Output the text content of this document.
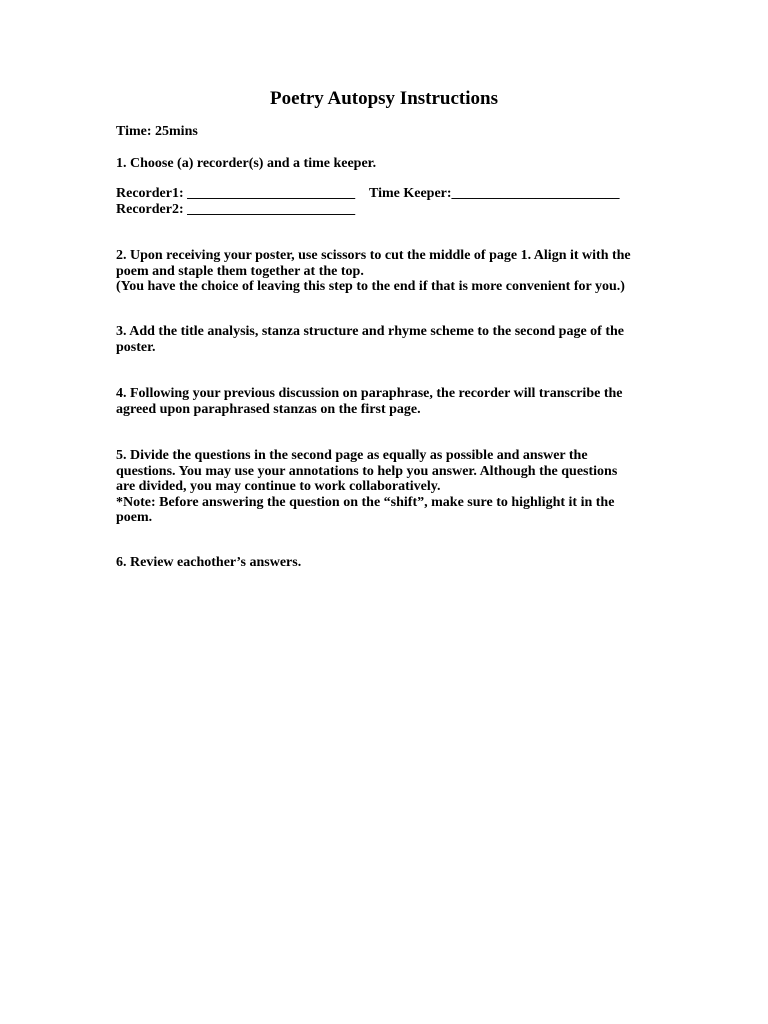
Poetry Autopsy Instructions

Time: 25mins

1. Choose (a) recorder(s) and a time keeper.

Recorder1: ________________________
Recorder2: ________________________
Time Keeper:________________________
2. Upon receiving your poster, use scissors to cut the middle of page 1. Align it with the
poem and staple them together at the top.
(You have the choice of leaving this step to the end if that is more convenient for you.)
3. Add the title analysis, stanza structure and rhyme scheme to the second page of the
poster.
4. Following your previous discussion on paraphrase, the recorder will transcribe the
agreed upon paraphrased stanzas on the first page.
5. Divide the questions in the second page as equally as possible and answer the
questions. You may use your annotations to help you answer. Although the questions
are divided, you may continue to work collaboratively.
*Note: Before answering the question on the “shift”, make sure to highlight it in the
poem.

6. Review eachother’s answers.
